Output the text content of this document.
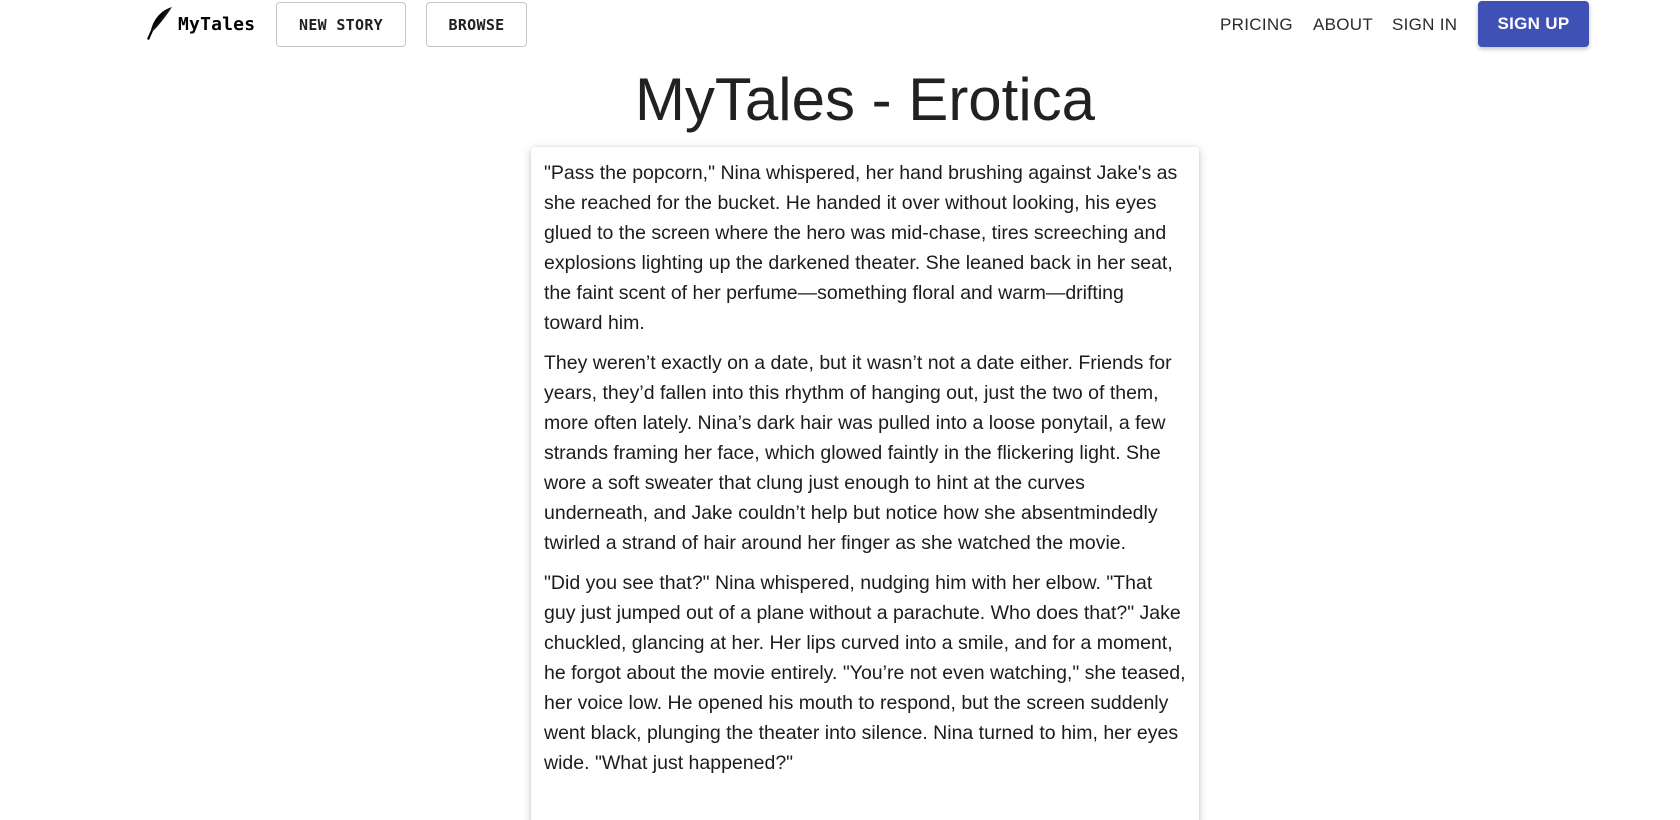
MyTales	NEW STORY	BROWSE	PRICING ABOUT SIGN IN	SIGN UP
MyTales - Erotica

"Pass the popcorn," Nina whispered, her hand brushing against Jake's as she reached for the bucket. He handed it over without looking, his eyes glued to the screen where the hero was mid-chase, tires screeching and explosions lighting up the darkened theater. She leaned back in her seat, the faint scent of her perfume—something floral and warm—drifting toward him.

They weren’t exactly on a date, but it wasn’t not a date either. Friends for years, they’d fallen into this rhythm of hanging out, just the two of them, more often lately. Nina’s dark hair was pulled into a loose ponytail, a few strands framing her face, which glowed faintly in the flickering light. She wore a soft sweater that clung just enough to hint at the curves underneath, and Jake couldn’t help but notice how she absentmindedly twirled a strand of hair around her finger as she watched the movie.

"Did you see that?" Nina whispered, nudging him with her elbow. "That guy just jumped out of a plane without a parachute. Who does that?" Jake chuckled, glancing at her. Her lips curved into a smile, and for a moment, he forgot about the movie entirely. "You’re not even watching," she teased, her voice low. He opened his mouth to respond, but the screen suddenly went black, plunging the theater into silence. Nina turned to him, her eyes wide. "What just happened?"
